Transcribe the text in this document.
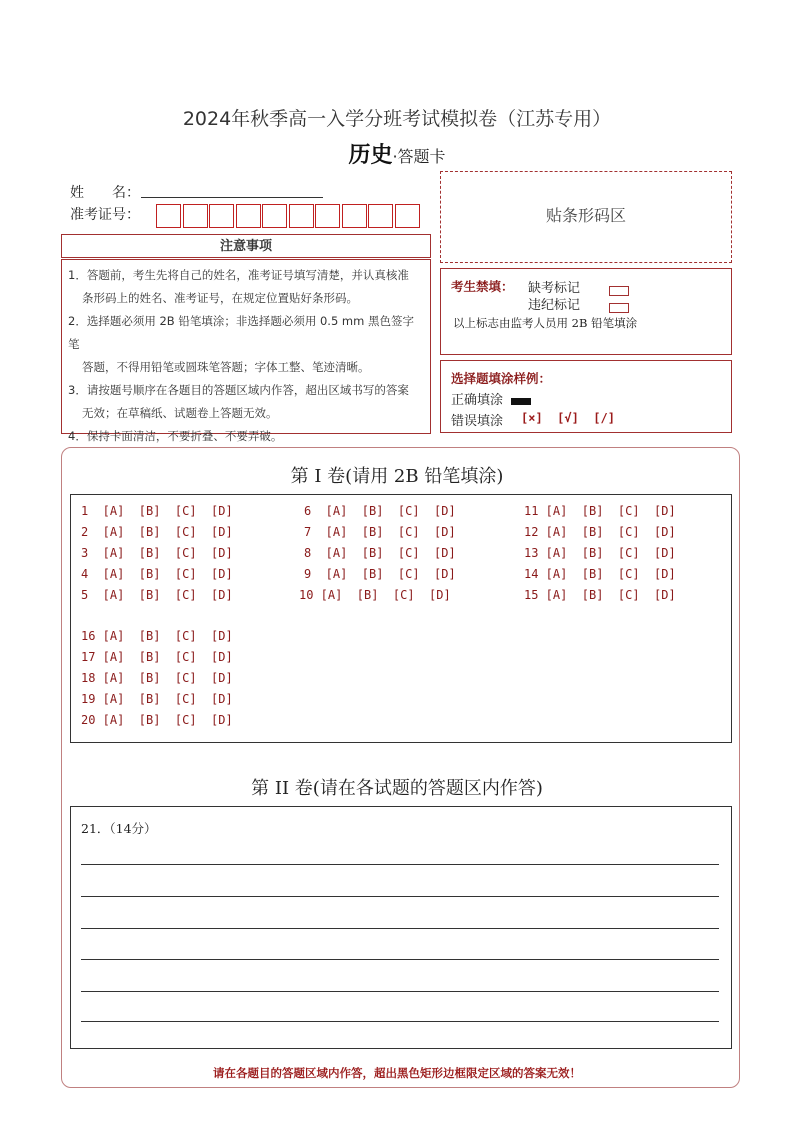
2024年秋季高一入学分班考试模拟卷（江苏专用）
历史·答题卡
姓　　名：
准考证号：
注意事项
1．答题前，考生先将自己的姓名，准考证号填写清楚，并认真核准
条形码上的姓名、准考证号，在规定位置贴好条形码。
2．选择题必须用 2B 铅笔填涂；非选择题必须用 0.5 mm 黑色签字笔
答题，不得用铅笔或圆珠笔答题；字体工整、笔迹清晰。
3．请按题号顺序在各题目的答题区域内作答，超出区域书写的答案
无效；在草稿纸、试题卷上答题无效。
4．保持卡面清洁，不要折叠、不要弄破。
贴条形码区
考生禁填： 缺考标记
违纪标记
以上标志由监考人员用 2B 铅笔填涂
选择题填涂样例：
正确填涂
错误填涂 [×]  [√]  [/]
第 I 卷(请用 2B 铅笔填涂)
1  [A]  [B]  [C]  [D]
2  [A]  [B]  [C]  [D]
3  [A]  [B]  [C]  [D]
4  [A]  [B]  [C]  [D]
5  [A]  [B]  [C]  [D]
6  [A]  [B]  [C]  [D]
7  [A]  [B]  [C]  [D]
8  [A]  [B]  [C]  [D]
9  [A]  [B]  [C]  [D]
10 [A]  [B]  [C]  [D]
11 [A]  [B]  [C]  [D]
12 [A]  [B]  [C]  [D]
13 [A]  [B]  [C]  [D]
14 [A]  [B]  [C]  [D]
15 [A]  [B]  [C]  [D]
16 [A]  [B]  [C]  [D]
17 [A]  [B]  [C]  [D]
18 [A]  [B]  [C]  [D]
19 [A]  [B]  [C]  [D]
20 [A]  [B]  [C]  [D]
第 II 卷(请在各试题的答题区内作答)
21．（14分）
请在各题目的答题区域内作答，超出黑色矩形边框限定区域的答案无效！
